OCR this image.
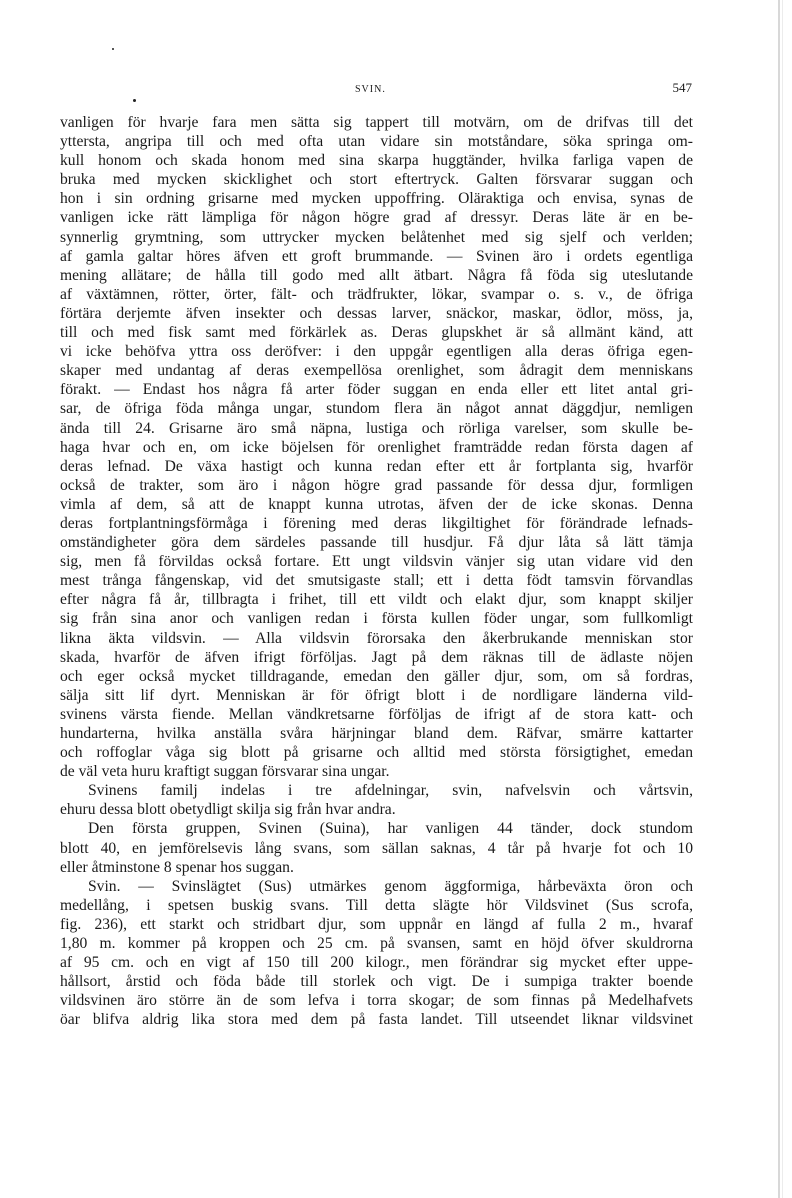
SVIN.	547
vanligen för hvarje fara men sätta sig tappert till motvärn, om de drifvas till det
yttersta, angripa till och med ofta utan vidare sin motståndare, söka springa om-
kull honom och skada honom med sina skarpa huggtänder, hvilka farliga vapen de
bruka med mycken skicklighet och stort eftertryck. Galten försvarar suggan och
hon i sin ordning grisarne med mycken uppoffring. Oläraktiga och envisa, synas de
vanligen icke rätt lämpliga för någon högre grad af dressyr. Deras läte är en be-
synnerlig grymtning, som uttrycker mycken belåtenhet med sig sjelf och verlden;
af gamla galtar höres äfven ett groft brummande. — Svinen äro i ordets egentliga
mening allätare; de hålla till godo med allt ätbart. Några få föda sig uteslutande
af växtämnen, rötter, örter, fält- och trädfrukter, lökar, svampar o. s. v., de öfriga
förtära derjemte äfven insekter och dessas larver, snäckor, maskar, ödlor, möss, ja,
till och med fisk samt med förkärlek as. Deras glupskhet är så allmänt känd, att
vi icke behöfva yttra oss deröfver: i den uppgår egentligen alla deras öfriga egen-
skaper med undantag af deras exempellösa orenlighet, som ådragit dem menniskans
förakt. — Endast hos några få arter föder suggan en enda eller ett litet antal gri-
sar, de öfriga föda många ungar, stundom flera än något annat däggdjur, nemligen
ända till 24. Grisarne äro små näpna, lustiga och rörliga varelser, som skulle be-
haga hvar och en, om icke böjelsen för orenlighet framträdde redan första dagen af
deras lefnad. De växa hastigt och kunna redan efter ett år fortplanta sig, hvarför
också de trakter, som äro i någon högre grad passande för dessa djur, formligen
vimla af dem, så att de knappt kunna utrotas, äfven der de icke skonas. Denna
deras fortplantningsförmåga i förening med deras likgiltighet för förändrade lefnads-
omständigheter göra dem särdeles passande till husdjur. Få djur låta så lätt tämja
sig, men få förvildas också fortare. Ett ungt vildsvin vänjer sig utan vidare vid den
mest trånga fångenskap, vid det smutsigaste stall; ett i detta födt tamsvin förvandlas
efter några få år, tillbragta i frihet, till ett vildt och elakt djur, som knappt skiljer
sig från sina anor och vanligen redan i första kullen föder ungar, som fullkomligt
likna äkta vildsvin. — Alla vildsvin förorsaka den åkerbrukande menniskan stor
skada, hvarför de äfven ifrigt förföljas. Jagt på dem räknas till de ädlaste nöjen
och eger också mycket tilldragande, emedan den gäller djur, som, om så fordras,
sälja sitt lif dyrt. Menniskan är för öfrigt blott i de nordligare länderna vild-
svinens värsta fiende. Mellan vändkretsarne förföljas de ifrigt af de stora katt- och
hundarterna, hvilka anställa svåra härjningar bland dem. Räfvar, smärre kattarter
och roffoglar våga sig blott på grisarne och alltid med största försigtighet, emedan
de väl veta huru kraftigt suggan försvarar sina ungar.
Svinens familj indelas i tre afdelningar, svin, nafvelsvin och vårtsvin,
ehuru dessa blott obetydligt skilja sig från hvar andra.
Den första gruppen, Svinen (Suina), har vanligen 44 tänder, dock stundom
blott 40, en jemförelsevis lång svans, som sällan saknas, 4 tår på hvarje fot och 10
eller åtminstone 8 spenar hos suggan.
Svin. — Svinslägtet (Sus) utmärkes genom äggformiga, hårbeväxta öron och
medellång, i spetsen buskig svans. Till detta slägte hör Vildsvinet (Sus scrofa,
fig. 236), ett starkt och stridbart djur, som uppnår en längd af fulla 2 m., hvaraf
1,80 m. kommer på kroppen och 25 cm. på svansen, samt en höjd öfver skuldrorna
af 95 cm. och en vigt af 150 till 200 kilogr., men förändrar sig mycket efter uppe-
hållsort, årstid och föda både till storlek och vigt. De i sumpiga trakter boende
vildsvinen äro större än de som lefva i torra skogar; de som finnas på Medelhafvets
öar blifva aldrig lika stora med dem på fasta landet. Till utseendet liknar vildsvinet
